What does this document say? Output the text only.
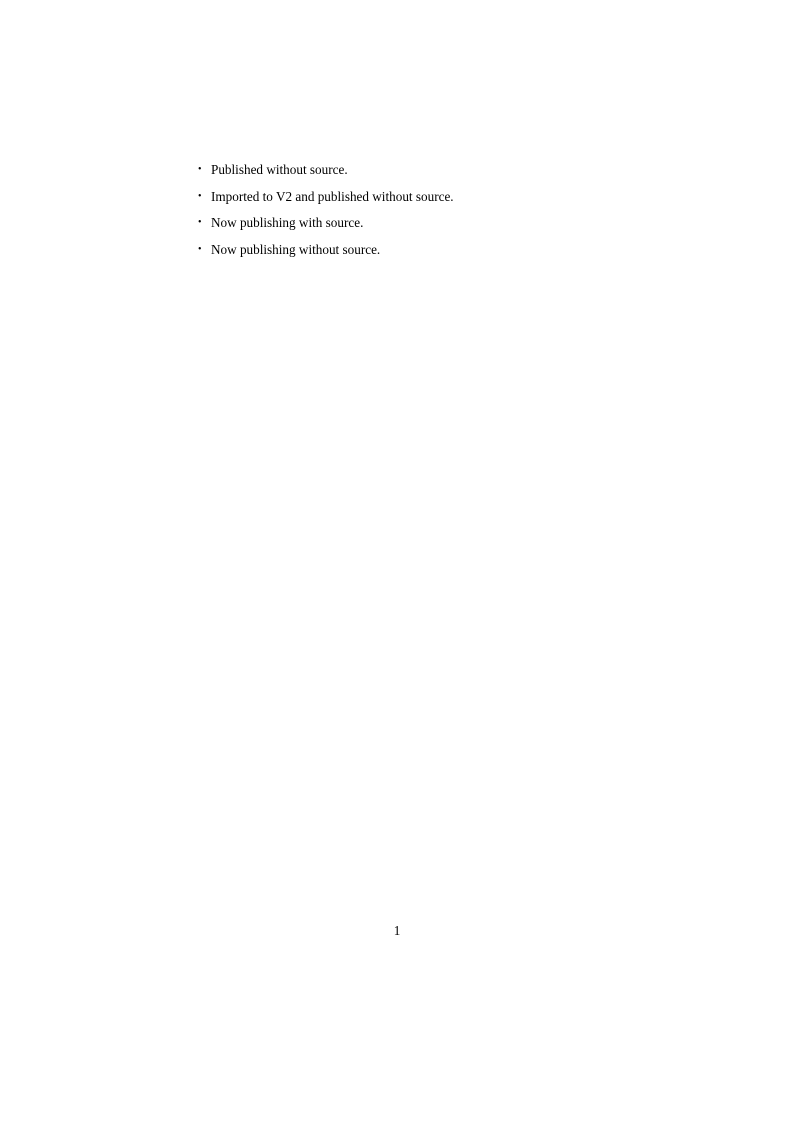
• Published without source.
• Imported to V2 and published without source.
• Now publishing with source.
• Now publishing without source.
1
